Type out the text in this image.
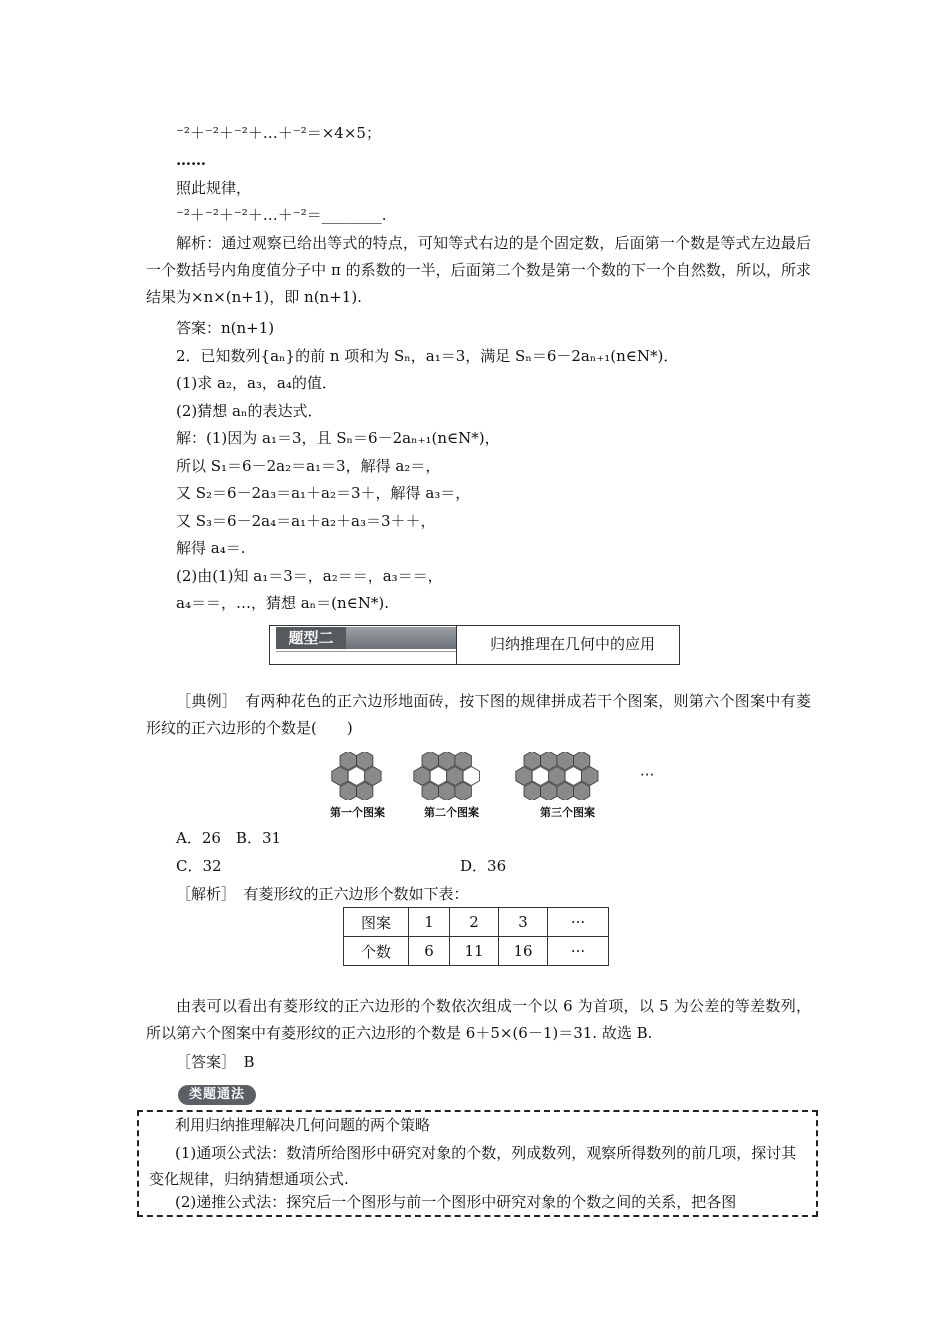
⁻²＋⁻²＋⁻²＋…＋⁻²＝×4×5；
……
照此规律，
⁻²＋⁻²＋⁻²＋…＋⁻²＝________.
解析：通过观察已给出等式的特点，可知等式右边的是个固定数，后面第一个数是等式左边最后一个数括号内角度值分子中 π 的系数的一半，后面第二个数是第一个数的下一个自然数，所以，所求结果为×n×(n+1)，即 n(n+1).
答案：n(n+1)
2．已知数列{aₙ}的前 n 项和为 Sₙ，a₁＝3，满足 Sₙ＝6－2aₙ₊₁(n∈N*)．
(1)求 a₂，a₃，a₄的值．
(2)猜想 aₙ的表达式．
解：(1)因为 a₁＝3，且 Sₙ＝6－2aₙ₊₁(n∈N*)，
所以 S₁＝6－2a₂＝a₁＝3，解得 a₂＝，
又 S₂＝6－2a₃＝a₁＋a₂＝3＋，解得 a₃＝，
又 S₃＝6－2a₄＝a₁＋a₂＋a₃＝3＋＋，
解得 a₄＝.
(2)由(1)知 a₁＝3＝，a₂＝＝，a₃＝＝，
a₄＝＝，…，猜想 aₙ＝(n∈N*).
题型二	归纳推理在几何中的应用
［典例］　有两种花色的正六边形地面砖，按下图的规律拼成若干个图案，则第六个图案中有菱形纹的正六边形的个数是(　　)
第一个图案	第二个图案	第三个图案
···
A．26　B．31
C．32	D．36
［解析］　有菱形纹的正六边形个数如下表：
图案	1	2	3	···
个数	6	11	16	···
由表可以看出有菱形纹的正六边形的个数依次组成一个以 6 为首项，以 5 为公差的等差数列，所以第六个图案中有菱形纹的正六边形的个数是 6＋5×(6－1)＝31. 故选 B.
［答案］　B
类题通法
利用归纳推理解决几何问题的两个策略
(1)通项公式法：数清所给图形中研究对象的个数，列成数列，观察所得数列的前几项，探讨其变化规律，归纳猜想通项公式.
(2)递推公式法：探究后一个图形与前一个图形中研究对象的个数之间的关系，把各图
